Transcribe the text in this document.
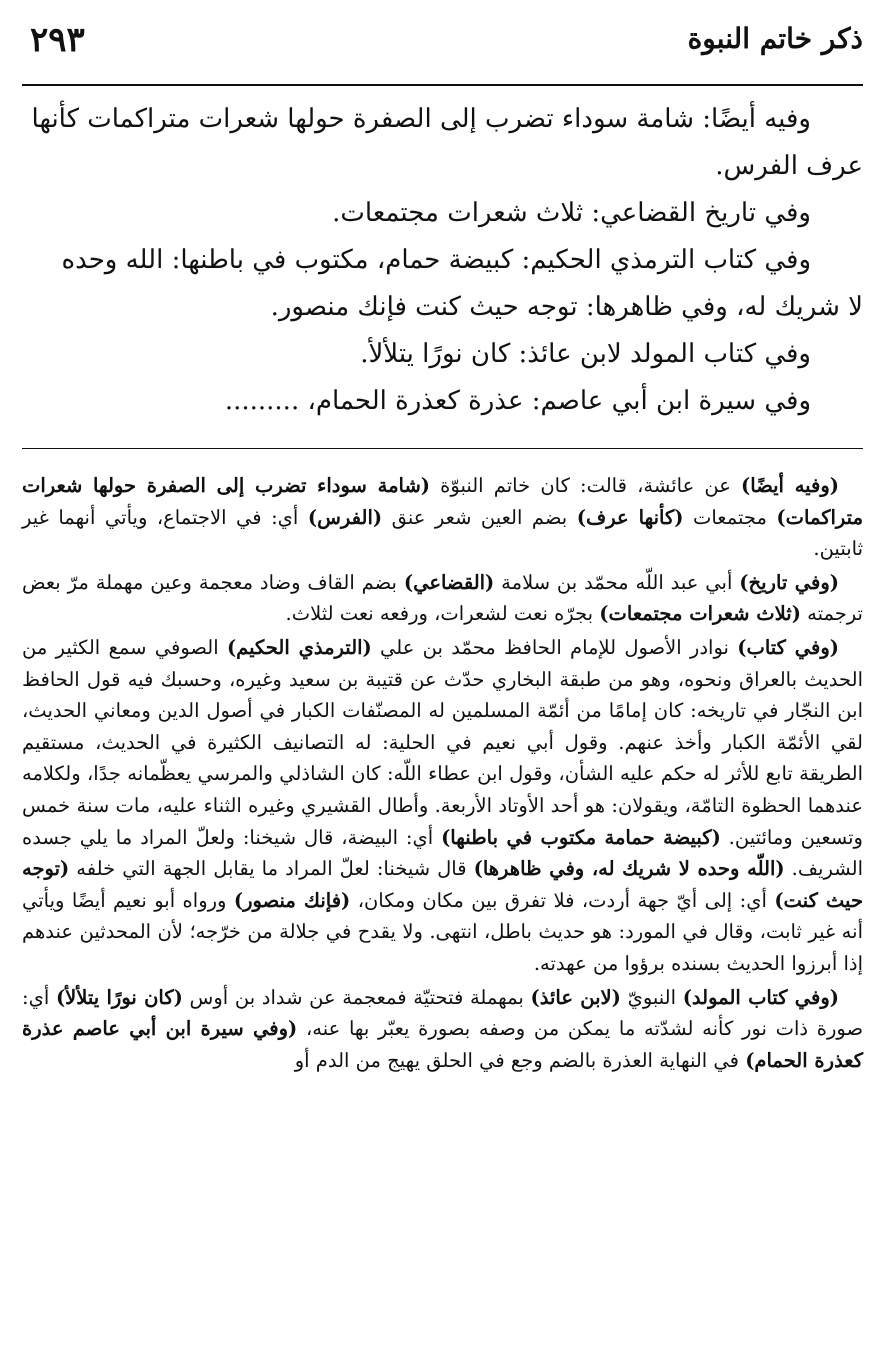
٢٩٣	ذكر خاتم النبوة

وفيه أيضًا: شامة سوداء تضرب إلى الصفرة حولها شعرات متراكمات كأنها

عرف الفرس.

وفي تاريخ القضاعي: ثلاث شعرات مجتمعات.

وفي كتاب الترمذي الحكيم: كبيضة حمام، مكتوب في باطنها: الله وحده

لا شريك له، وفي ظاهرها: توجه حيث كنت فإنك منصور.

وفي كتاب المولد لابن عائذ: كان نورًا يتلألأ.

وفي سيرة ابن أبي عاصم: عذرة كعذرة الحمام، .........

(وفيه أيضًا) عن عائشة، قالت: كان خاتم النبوّة (شامة سوداء تضرب إلى الصفرة حولها شعرات متراكمات) مجتمعات (كأنها عرف) بضم العين شعر عنق (الفرس) أي: في الاجتماع، ويأتي أنهما غير ثابتين.

(وفي تاريخ) أبي عبد اللّه محمّد بن سلامة (القضاعي) بضم القاف وضاد معجمة وعين مهملة مرّ بعض ترجمته (ثلاث شعرات مجتمعات) بجرّه نعت لشعرات، ورفعه نعت لثلاث.

(وفي كتاب) نوادر الأصول للإمام الحافظ محمّد بن علي (الترمذي الحكيم) الصوفي سمع الكثير من الحديث بالعراق ونحوه، وهو من طبقة البخاري حدّث عن قتيبة بن سعيد وغيره، وحسبك فيه قول الحافظ ابن النجّار في تاريخه: كان إمامًا من أئمّة المسلمين له المصنّفات الكبار في أصول الدين ومعاني الحديث، لقي الأئمّة الكبار وأخذ عنهم. وقول أبي نعيم في الحلية: له التصانيف الكثيرة في الحديث، مستقيم الطريقة تابع للأثر له حكم عليه الشأن، وقول ابن عطاء اللّه: كان الشاذلي والمرسي يعظّمانه جدًا، ولكلامه عندهما الحظوة التامّة، ويقولان: هو أحد الأوتاد الأربعة. وأطال القشيري وغيره الثناء عليه، مات سنة خمس وتسعين ومائتين. (كبيضة حمامة مكتوب في باطنها) أي: البيضة، قال شيخنا: ولعلّ المراد ما يلي جسده الشريف. (اللّه وحده لا شريك له، وفي ظاهرها) قال شيخنا: لعلّ المراد ما يقابل الجهة التي خلفه (توجه حيث كنت) أي: إلى أيّ جهة أردت، فلا تفرق بين مكان ومكان، (فإنك منصور) ورواه أبو نعيم أيضًا ويأتي أنه غير ثابت، وقال في المورد: هو حديث باطل، انتهى. ولا يقدح في جلالة من خرّجه؛ لأن المحدثين عندهم إذا أبرزوا الحديث بسنده برؤوا من عهدته.

(وفي كتاب المولد) النبويّ (لابن عائذ) بمهملة فتحتيّة فمعجمة عن شداد بن أوس (كان نورًا يتلألأ) أي: صورة ذات نور كأنه لشدّته ما يمكن من وصفه بصورة يعبّر بها عنه، (وفي سيرة ابن أبي عاصم عذرة كعذرة الحمام) في النهاية العذرة بالضم وجع في الحلق يهيج من الدم أو
